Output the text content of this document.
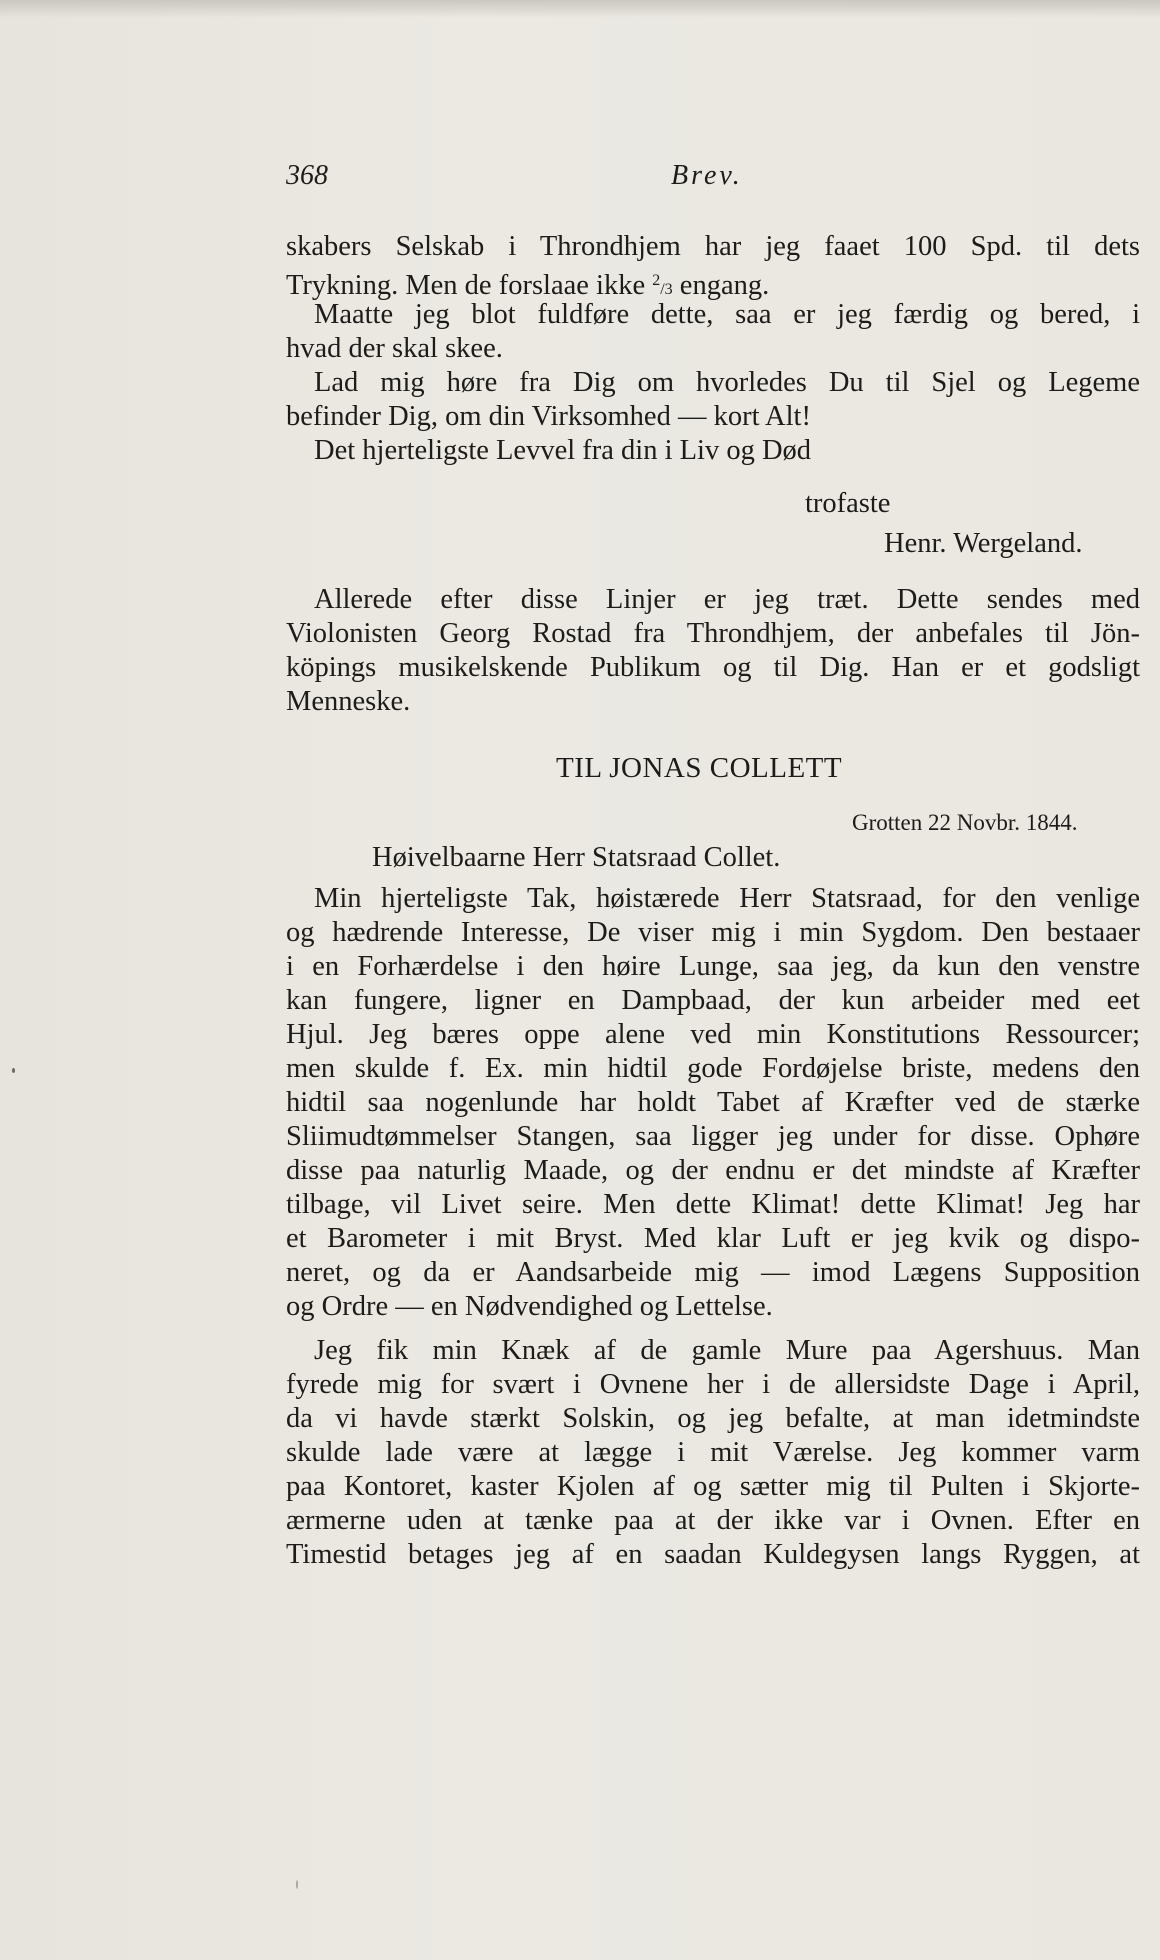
368	Brev.
skabers Selskab i Throndhjem har jeg faaet 100 Spd. til dets
Trykning. Men de forslaae ikke $^2$/3 engang.
Maatte jeg blot fuldføre dette, saa er jeg færdig og bered, i
hvad der skal skee.
Lad mig høre fra Dig om hvorledes Du til Sjel og Legeme
befinder Dig, om din Virksomhed — kort Alt!
Det hjerteligste Levvel fra din i Liv og Død
trofaste
Henr. Wergeland.
Allerede efter disse Linjer er jeg træt. Dette sendes med
Violonisten Georg Rostad fra Throndhjem, der anbefales til Jön-
köpings musikelskende Publikum og til Dig. Han er et godsligt
Menneske.
TIL JONAS COLLETT
Grotten 22 Novbr. 1844.
Høivelbaarne Herr Statsraad Collet.
Min hjerteligste Tak, høistærede Herr Statsraad, for den venlige
og hædrende Interesse, De viser mig i min Sygdom. Den bestaaer
i en Forhærdelse i den høire Lunge, saa jeg, da kun den venstre
kan fungere, ligner en Dampbaad, der kun arbeider med eet
Hjul. Jeg bæres oppe alene ved min Konstitutions Ressourcer;
men skulde f. Ex. min hidtil gode Fordøjelse briste, medens den
hidtil saa nogenlunde har holdt Tabet af Kræfter ved de stærke
Sliimudtømmelser Stangen, saa ligger jeg under for disse. Ophøre
disse paa naturlig Maade, og der endnu er det mindste af Kræfter
tilbage, vil Livet seire. Men dette Klimat! dette Klimat! Jeg har
et Barometer i mit Bryst. Med klar Luft er jeg kvik og dispo-
neret, og da er Aandsarbeide mig — imod Lægens Supposition
og Ordre — en Nødvendighed og Lettelse.
Jeg fik min Knæk af de gamle Mure paa Agershuus. Man
fyrede mig for svært i Ovnene her i de allersidste Dage i April,
da vi havde stærkt Solskin, og jeg befalte, at man idetmindste
skulde lade være at lægge i mit Værelse. Jeg kommer varm
paa Kontoret, kaster Kjolen af og sætter mig til Pulten i Skjorte-
ærmerne uden at tænke paa at der ikke var i Ovnen. Efter en
Timestid betages jeg af en saadan Kuldegysen langs Ryggen, at
